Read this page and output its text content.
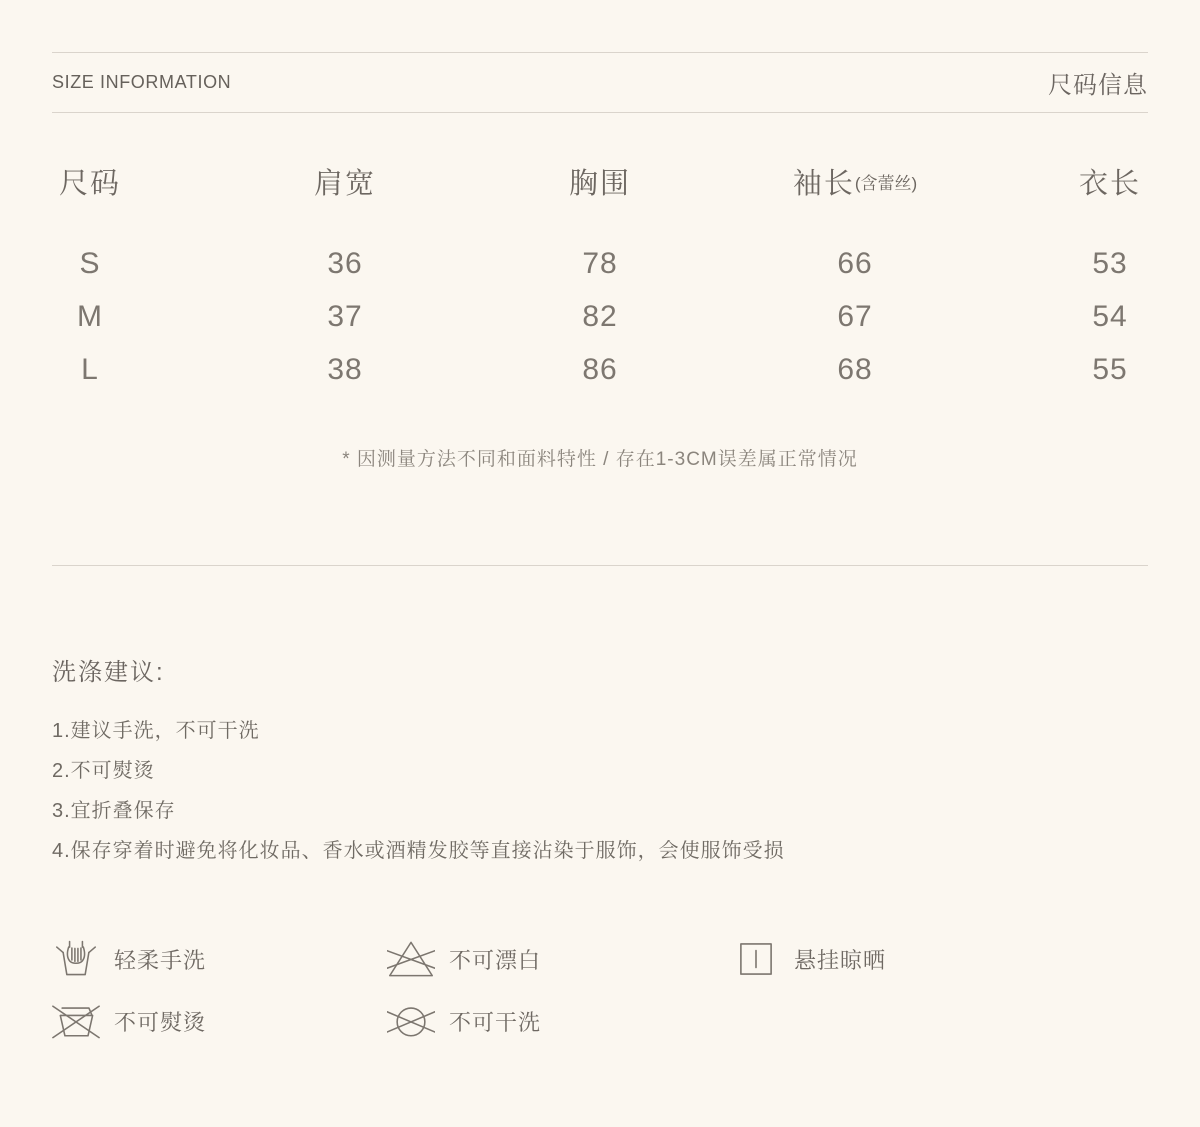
SIZE INFORMATION	尺码信息
尺码	肩宽	胸围	袖长 (含蕾丝)	衣长
S	36	78	66	53
M	37	82	67	54
L	38	86	68	55
* 因测量方法不同和面料特性 / 存在1-3CM误差属正常情况
洗涤建议:
1.建议手洗，不可干洗
2.不可熨烫
3.宜折叠保存
4.保存穿着时避免将化妆品、香水或酒精发胶等直接沾染于服饰，会使服饰受损
轻柔手洗	不可漂白	悬挂晾晒
不可熨烫	不可干洗
